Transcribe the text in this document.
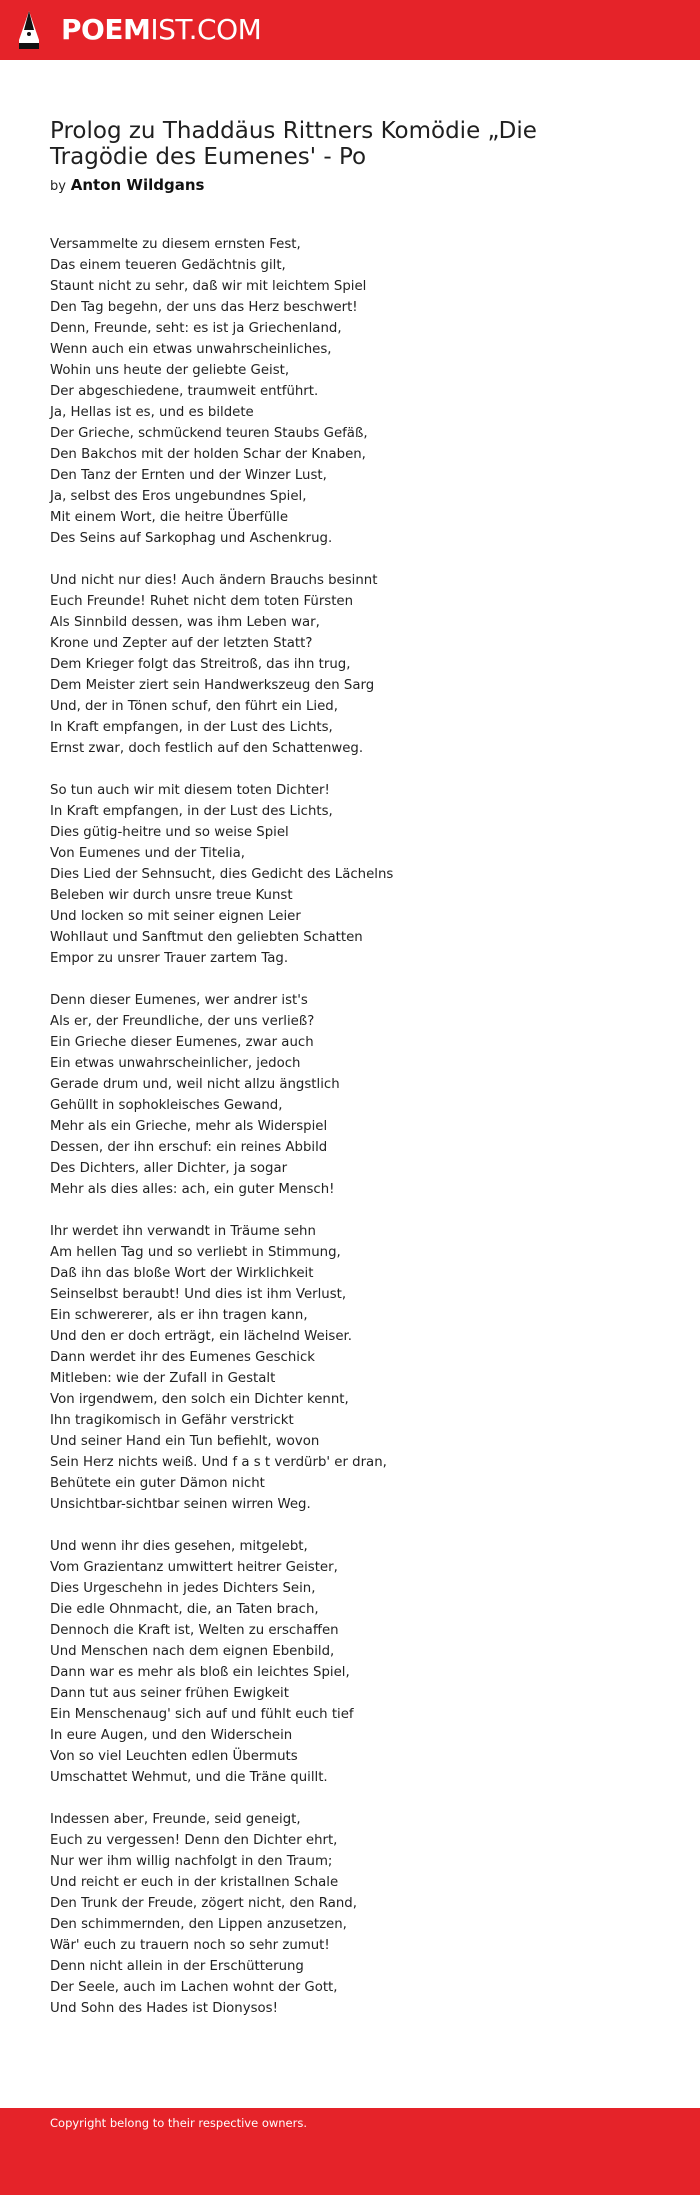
POEMIST.COM
Prolog zu Thaddäus Rittners Komödie „Die Tragödie des Eumenes' - Po
by Anton Wildgans

Versammelte zu diesem ernsten Fest,
Das einem teueren Gedächtnis gilt,
Staunt nicht zu sehr, daß wir mit leichtem Spiel
Den Tag begehn, der uns das Herz beschwert!
Denn, Freunde, seht: es ist ja Griechenland,
Wenn auch ein etwas unwahrscheinliches,
Wohin uns heute der geliebte Geist,
Der abgeschiedene, traumweit entführt.
Ja, Hellas ist es, und es bildete
Der Grieche, schmückend teuren Staubs Gefäß,
Den Bakchos mit der holden Schar der Knaben,
Den Tanz der Ernten und der Winzer Lust,
Ja, selbst des Eros ungebundnes Spiel,
Mit einem Wort, die heitre Überfülle
Des Seins auf Sarkophag und Aschenkrug.

Und nicht nur dies! Auch ändern Brauchs besinnt
Euch Freunde! Ruhet nicht dem toten Fürsten
Als Sinnbild dessen, was ihm Leben war,
Krone und Zepter auf der letzten Statt?
Dem Krieger folgt das Streitroß, das ihn trug,
Dem Meister ziert sein Handwerkszeug den Sarg
Und, der in Tönen schuf, den führt ein Lied,
In Kraft empfangen, in der Lust des Lichts,
Ernst zwar, doch festlich auf den Schattenweg.

So tun auch wir mit diesem toten Dichter!
In Kraft empfangen, in der Lust des Lichts,
Dies gütig-heitre und so weise Spiel
Von Eumenes und der Titelia,
Dies Lied der Sehnsucht, dies Gedicht des Lächelns
Beleben wir durch unsre treue Kunst
Und locken so mit seiner eignen Leier
Wohllaut und Sanftmut den geliebten Schatten
Empor zu unsrer Trauer zartem Tag.

Denn dieser Eumenes, wer andrer ist's
Als er, der Freundliche, der uns verließ?
Ein Grieche dieser Eumenes, zwar auch
Ein etwas unwahrscheinlicher, jedoch
Gerade drum und, weil nicht allzu ängstlich
Gehüllt in sophokleisches Gewand,
Mehr als ein Grieche, mehr als Widerspiel
Dessen, der ihn erschuf: ein reines Abbild
Des Dichters, aller Dichter, ja sogar
Mehr als dies alles: ach, ein guter Mensch!

Ihr werdet ihn verwandt in Träume sehn
Am hellen Tag und so verliebt in Stimmung,
Daß ihn das bloße Wort der Wirklichkeit
Seinselbst beraubt! Und dies ist ihm Verlust,
Ein schwererer, als er ihn tragen kann,
Und den er doch erträgt, ein lächelnd Weiser.
Dann werdet ihr des Eumenes Geschick
Mitleben: wie der Zufall in Gestalt
Von irgendwem, den solch ein Dichter kennt,
Ihn tragikomisch in Gefähr verstrickt
Und seiner Hand ein Tun befiehlt, wovon
Sein Herz nichts weiß. Und f a s t verdürb' er dran,
Behütete ein guter Dämon nicht
Unsichtbar-sichtbar seinen wirren Weg.

Und wenn ihr dies gesehen, mitgelebt,
Vom Grazientanz umwittert heitrer Geister,
Dies Urgeschehn in jedes Dichters Sein,
Die edle Ohnmacht, die, an Taten brach,
Dennoch die Kraft ist, Welten zu erschaffen
Und Menschen nach dem eignen Ebenbild,
Dann war es mehr als bloß ein leichtes Spiel,
Dann tut aus seiner frühen Ewigkeit
Ein Menschenaug' sich auf und fühlt euch tief
In eure Augen, und den Widerschein
Von so viel Leuchten edlen Übermuts
Umschattet Wehmut, und die Träne quillt.

Indessen aber, Freunde, seid geneigt,
Euch zu vergessen! Denn den Dichter ehrt,
Nur wer ihm willig nachfolgt in den Traum;
Und reicht er euch in der kristallnen Schale
Den Trunk der Freude, zögert nicht, den Rand,
Den schimmernden, den Lippen anzusetzen,
Wär' euch zu trauern noch so sehr zumut!
Denn nicht allein in der Erschütterung
Der Seele, auch im Lachen wohnt der Gott,
Und Sohn des Hades ist Dionysos!

Copyright belong to their respective owners.
